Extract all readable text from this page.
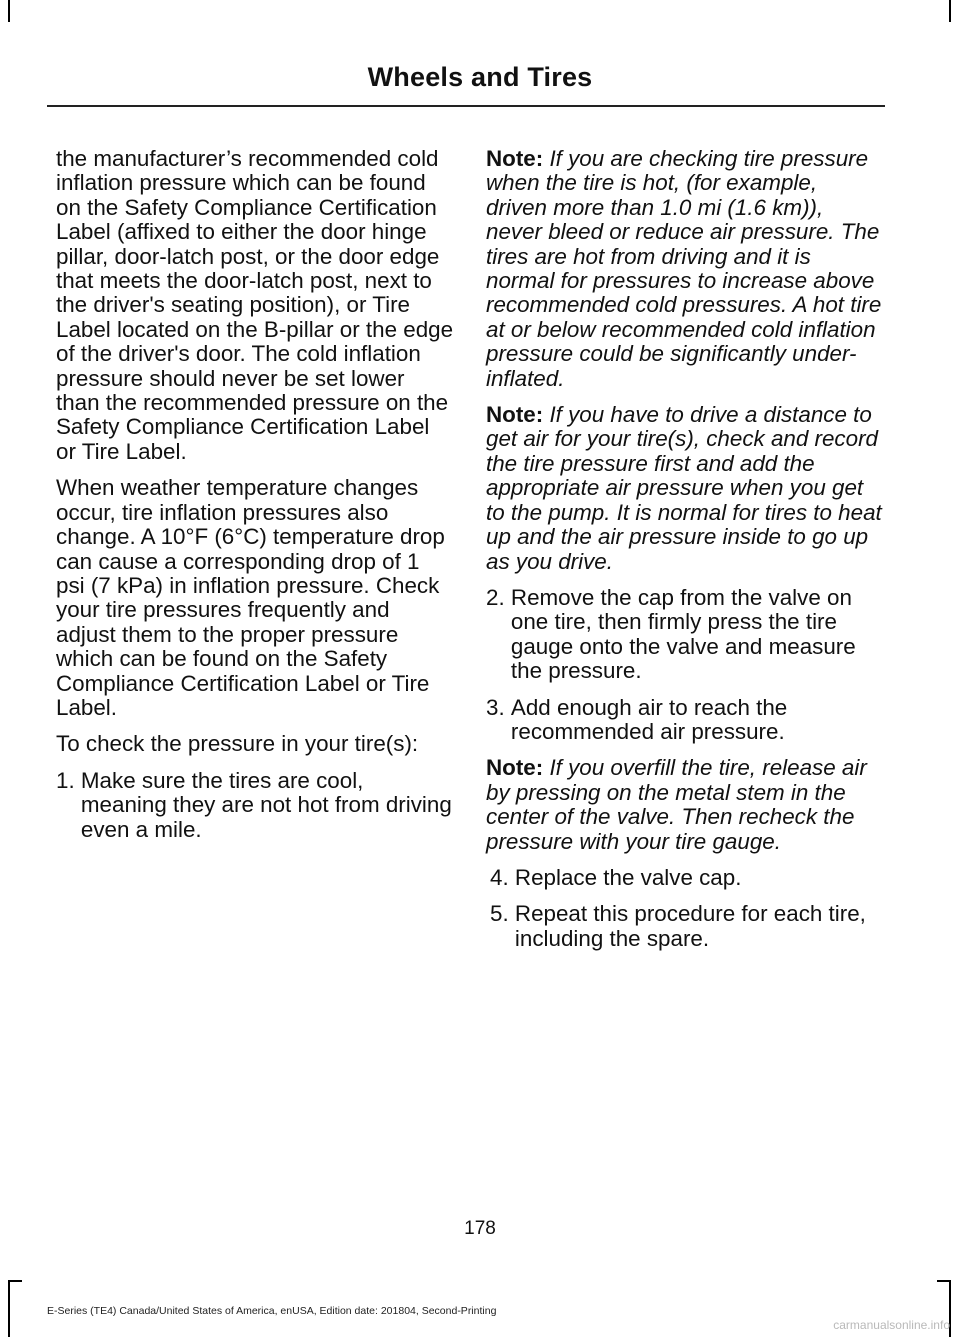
Wheels and Tires

the manufacturer’s recommended cold inflation pressure which can be found on the Safety Compliance Certification Label (affixed to either the door hinge pillar, door-latch post, or the door edge that meets the door-latch post, next to the driver's seating position), or Tire Label located on the B-pillar or the edge of the driver's door. The cold inflation pressure should never be set lower than the recommended pressure on the Safety Compliance Certification Label or Tire Label.

When weather temperature changes occur, tire inflation pressures also change. A 10°F (6°C) temperature drop can cause a corresponding drop of 1 psi (7 kPa) in inflation pressure. Check your tire pressures frequently and adjust them to the proper pressure which can be found on the Safety Compliance Certification Label or Tire Label.

To check the pressure in your tire(s):

1. Make sure the tires are cool, meaning they are not hot from driving even a mile.

Note: If you are checking tire pressure when the tire is hot, (for example, driven more than 1.0 mi (1.6 km)), never bleed or reduce air pressure. The tires are hot from driving and it is normal for pressures to increase above recommended cold pressures. A hot tire at or below recommended cold inflation pressure could be significantly under-inflated.

Note: If you have to drive a distance to get air for your tire(s), check and record the tire pressure first and add the appropriate air pressure when you get to the pump. It is normal for tires to heat up and the air pressure inside to go up as you drive.

2. Remove the cap from the valve on one tire, then firmly press the tire gauge onto the valve and measure the pressure.
3. Add enough air to reach the recommended air pressure.

Note: If you overfill the tire, release air by pressing on the metal stem in the center of the valve. Then recheck the pressure with your tire gauge.

4. Replace the valve cap.
5. Repeat this procedure for each tire, including the spare.
178
E-Series (TE4) Canada/United States of America, enUSA, Edition date: 201804, Second-Printing
carmanualsonline.info
